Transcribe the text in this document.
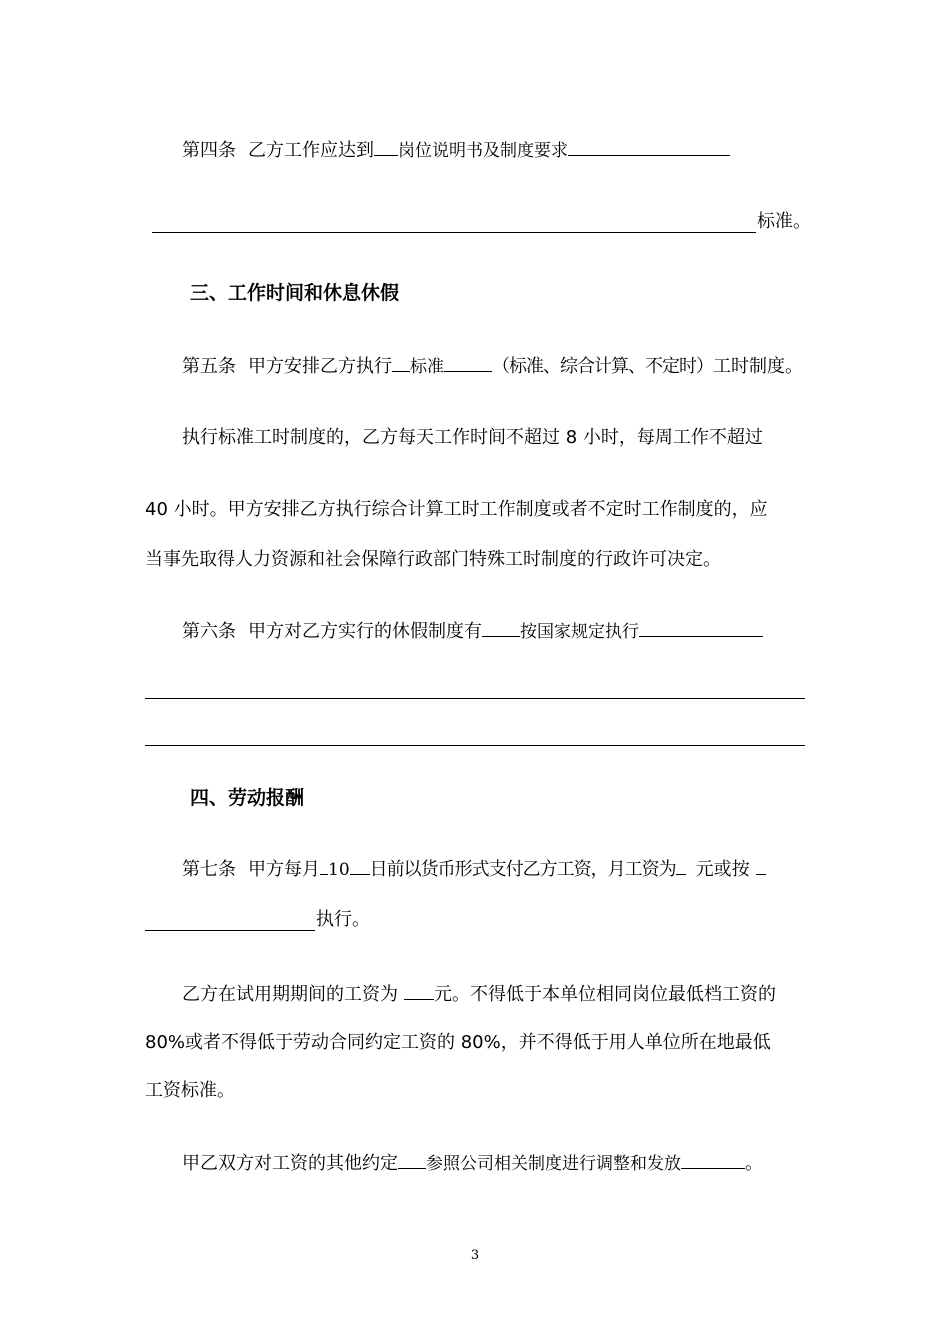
第四条 乙方工作应达到 岗位说明书及制度要求
标准。
三、工作时间和休息休假
第五条 甲方安排乙方执行 标准	（标准、综合计算、不定时）工时制度。
执行标准工时制度的，乙方每天工作时间不超过 8 小时，每周工作不超过
40 小时。甲方安排乙方执行综合计算工时工作制度或者不定时工作制度的，应
当事先取得人力资源和社会保障行政部门特殊工时制度的行政许可决定。
第六条 甲方对乙方实行的休假制度有 按国家规定执行
四、劳动报酬
第七条 甲方每月 10 日前以货币形式支付乙方工资，月工资为 元或按
执行。
乙方在试用期期间的工资为 元。不得低于本单位相同岗位最低档工资的
80%或者不得低于劳动合同约定工资的 80%，并不得低于用人单位所在地最低
工资标准。
甲乙双方对工资的其他约定 参照公司相关制度进行调整和发放	。
3
